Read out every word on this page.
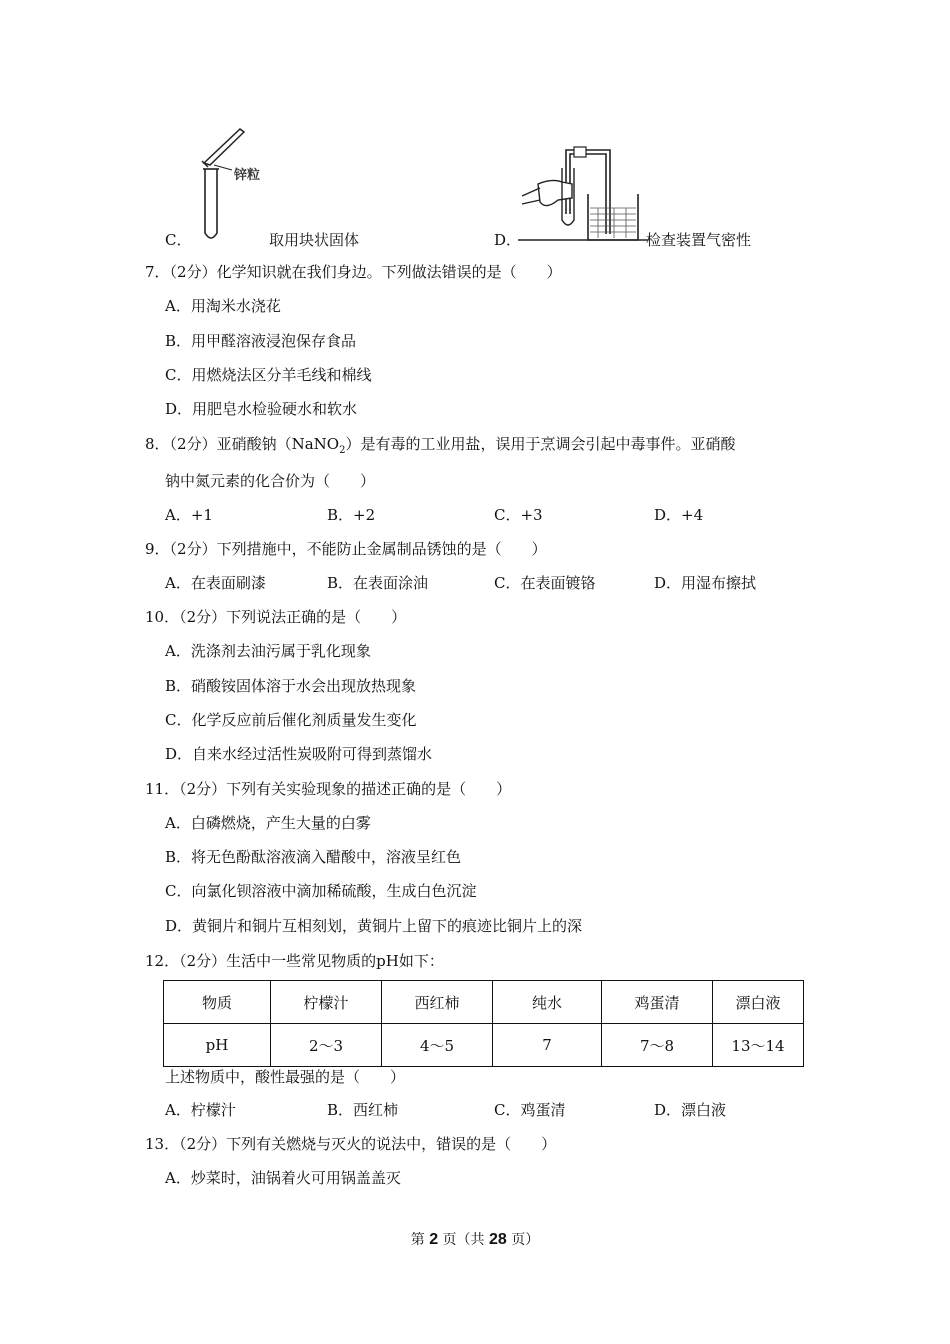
锌粒
C．	取用块状固体	D．	检查装置气密性
7．（2分）化学知识就在我们身边。下列做法错误的是（　　）
A．用淘米水浇花
B．用甲醛溶液浸泡保存食品
C．用燃烧法区分羊毛线和棉线
D．用肥皂水检验硬水和软水
8．（2分）亚硝酸钠（NaNO$_2$）是有毒的工业用盐，误用于烹调会引起中毒事件。亚硝酸
钠中氮元素的化合价为（　　）
A．+1	B．+2	C．+3	D．+4
9．（2分）下列措施中，不能防止金属制品锈蚀的是（　　）
A．在表面刷漆	B．在表面涂油	C．在表面镀铬	D．用湿布擦拭
10．（2分）下列说法正确的是（　　）
A．洗涤剂去油污属于乳化现象
B．硝酸铵固体溶于水会出现放热现象
C．化学反应前后催化剂质量发生变化
D．自来水经过活性炭吸附可得到蒸馏水
11．（2分）下列有关实验现象的描述正确的是（　　）
A．白磷燃烧，产生大量的白雾
B．将无色酚酞溶液滴入醋酸中，溶液呈红色
C．向氯化钡溶液中滴加稀硫酸，生成白色沉淀
D．黄铜片和铜片互相刻划，黄铜片上留下的痕迹比铜片上的深
12．（2分）生活中一些常见物质的pH如下：
物质	柠檬汁	西红柿	纯水	鸡蛋清	漂白液
pH	2～3	4～5	7	7～8	13～14
上述物质中，酸性最强的是（　　）
A．柠檬汁	B．西红柿	C．鸡蛋清	D．漂白液
13．（2分）下列有关燃烧与灭火的说法中，错误的是（　　）
A．炒菜时，油锅着火可用锅盖盖灭
第 2 页（共 28 页）
